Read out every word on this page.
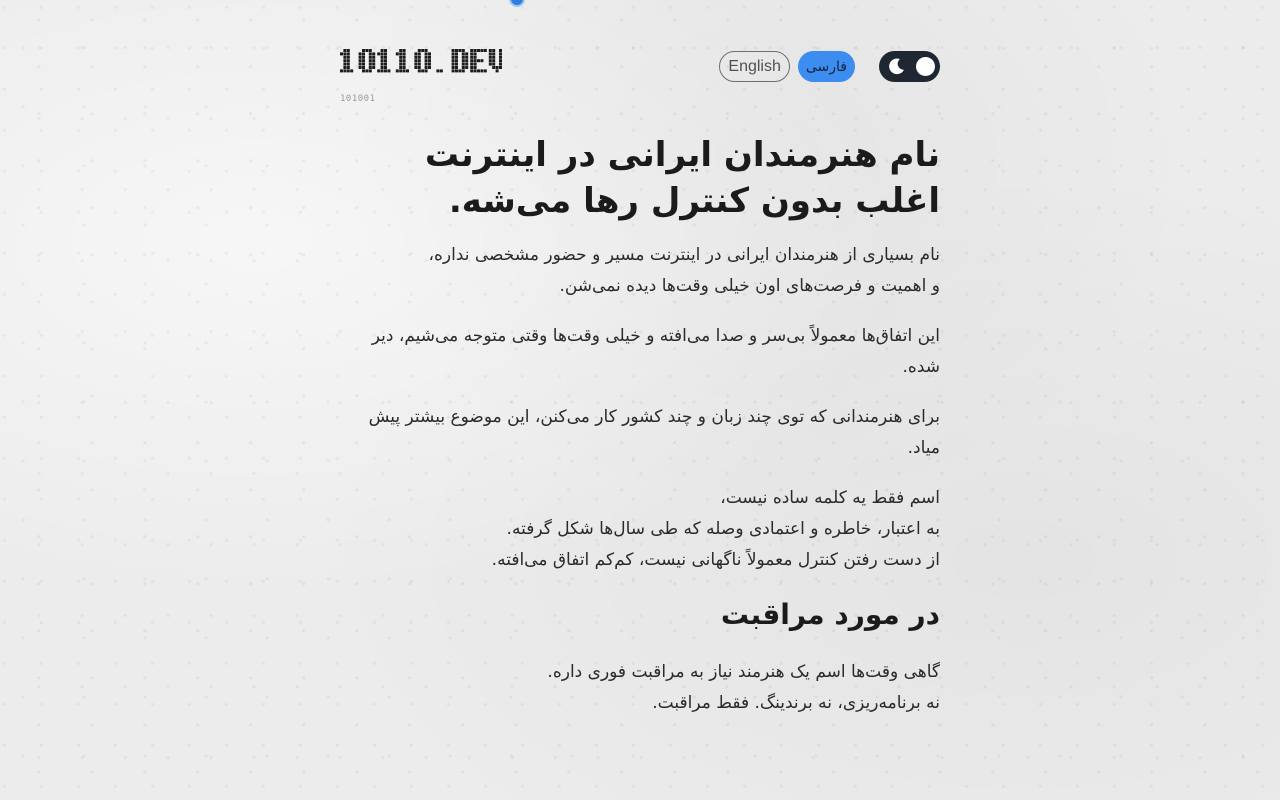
101001
English	فارسی
نام هنرمندان ایرانی در اینترنت اغلب بدون کنترل رها می‌شه.

نام بسیاری از هنرمندان ایرانی در اینترنت مسیر و حضور مشخصی نداره،
و اهمیت و فرصت‌های اون خیلی وقت‌ها دیده نمی‌شن.

این اتفاق‌ها معمولاً بی‌سر و صدا می‌افته و خیلی وقت‌ها وقتی متوجه می‌شیم، دیر شده.

برای هنرمندانی که توی چند زبان و چند کشور کار می‌کنن، این موضوع بیشتر پیش میاد.

اسم فقط یه کلمه ساده نیست،
به اعتبار، خاطره و اعتمادی وصله که طی سال‌ها شکل گرفته.
از دست رفتن کنترل معمولاً ناگهانی نیست، کم‌کم اتفاق می‌افته.

در مورد مراقبت

گاهی وقت‌ها اسم یک هنرمند نیاز به مراقبت فوری داره.
نه برنامه‌ریزی، نه برندینگ. فقط مراقبت.
